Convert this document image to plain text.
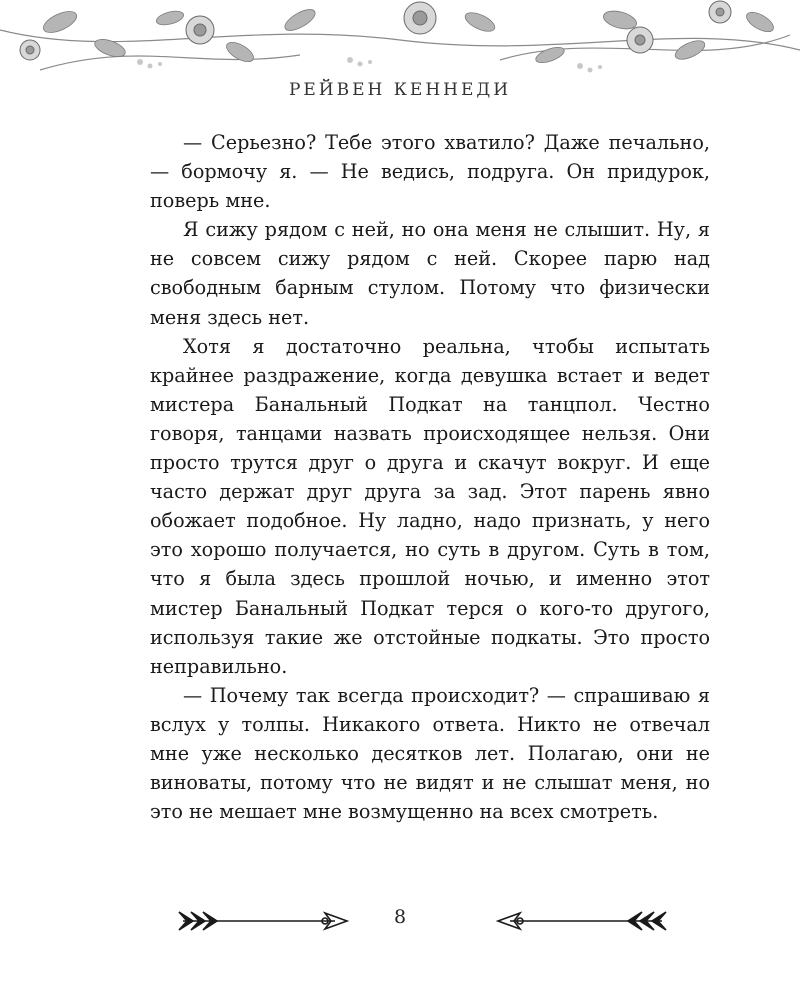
РЕЙВЕН КЕННЕДИ

— Серьезно? Тебе этого хватило? Даже печально, — бормочу я. — Не ведись, подруга. Он придурок, поверь мне.

Я сижу рядом с ней, но она меня не слышит. Ну, я не совсем сижу рядом с ней. Скорее парю над свободным барным стулом. Потому что физически меня здесь нет.

Хотя я достаточно реальна, чтобы испытать крайнее раздражение, когда девушка встает и ведет мистера Банальный Подкат на танцпол. Честно говоря, танцами назвать происходящее нельзя. Они просто трутся друг о друга и скачут вокруг. И еще часто держат друг друга за зад. Этот парень явно обожает подобное. Ну ладно, надо признать, у него это хорошо получается, но суть в другом. Суть в том, что я была здесь прошлой ночью, и именно этот мистер Банальный Подкат терся о кого-то другого, используя такие же отстойные подкаты. Это просто неправильно.

— Почему так всегда происходит? — спрашиваю я вслух у толпы. Никакого ответа. Никто не отвечал мне уже несколько десятков лет. Полагаю, они не виноваты, потому что не видят и не слышат меня, но это не мешает мне возмущенно на всех смотреть.

8
